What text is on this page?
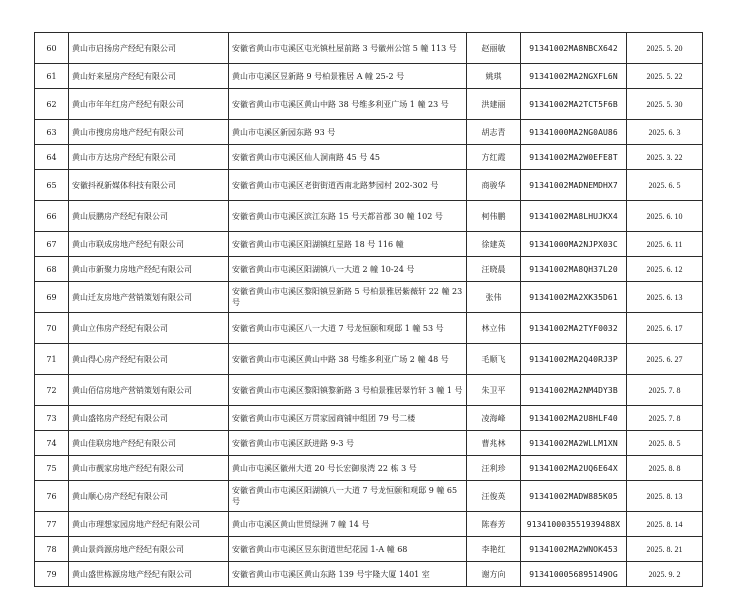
60	黄山市启扬房产经纪有限公司	安徽省黄山市屯溪区屯光镇杜屋前路 3 号徽州公馆 5 幢 113 号	赵丽敏	91341002MA8NBCX642	2025. 5. 20
61	黄山好来屋房产经纪有限公司	黄山市屯溪区昱新路 9 号柏景雅居 A 幢 25-2 号	姚琪	91341002MA2NGXFL6N	2025. 5. 22
62	黄山市年年红房产经纪有限公司	安徽省黄山市屯溪区黄山中路 38 号维多利亚广场 1 幢 23 号	洪建丽	91341002MA2TCT5F6B	2025. 5. 30
63	黄山市搜房房地产经纪有限公司	黄山市屯溪区新园东路 93 号	胡志青	91341000MA2NG0AU86	2025. 6. 3
64	黄山市方达房产经纪有限公司	安徽省黄山市屯溪区仙人洞南路 45 号 45	方红霞	91341002MA2W0EFE8T	2025. 3. 22
65	安徽抖视新媒体科技有限公司	安徽省黄山市屯溪区老街街道西南北路梦园村 202-302 号	商骏华	91341002MADNEMDHX7	2025. 6. 5
66	黄山辰鹏房产经纪有限公司	安徽省黄山市屯溪区滨江东路 15 号天都首郡 30 幢 102 号	柯伟鹏	91341002MA8LHUJKX4	2025. 6. 10
67	黄山市联成房地产经纪有限公司	安徽省黄山市屯溪区阳湖镇红星路 18 号 116 幢	徐建英	91341000MA2NJPX03C	2025. 6. 11
68	黄山市新聚力房地产经纪有限公司	安徽省黄山市屯溪区阳湖镇八一大道 2 幢 10-24 号	汪晓晨	91341002MA8QH37L20	2025. 6. 12
69	黄山迁友房地产营销策划有限公司	安徽省黄山市屯溪区黎阳镇昱新路 5 号柏景雅居紫薇轩 22 幢 23 号	张伟	91341002MA2XK35D61	2025. 6. 13
70	黄山立伟房产经纪有限公司	安徽省黄山市屯溪区八一大道 7 号龙恒颐和观邸 1 幢 53 号	林立伟	91341002MA2TYF0032	2025. 6. 17
71	黄山得心房产经纪有限公司	安徽省黄山市屯溪区黄山中路 38 号维多利亚广场 2 幢 48 号	毛顺飞	91341002MA2Q40RJ3P	2025. 6. 27
72	黄山佰信房地产营销策划有限公司	安徽省黄山市屯溪区黎阳镇黎新路 3 号柏景雅居翠竹轩 3 幢 1 号	朱卫平	91341002MA2NM4DY3B	2025. 7. 8
73	黄山盛铭房产经纪有限公司	安徽省黄山市屯溪区万贯家园商铺中组团 79 号二楼	凌海峰	91341002MA2U8HLF40	2025. 7. 8
74	黄山佳联房地产经纪有限公司	安徽省黄山市屯溪区跃进路 9-3 号	曹兆林	91341002MA2WLLM1XN	2025. 8. 5
75	黄山市靓家房地产经纪有限公司	黄山市屯溪区徽州大道 20 号长宏御泉湾 22 栋 3 号	汪利珍	91341002MA2UQ6E64X	2025. 8. 8
76	黄山顺心房产经纪有限公司	安徽省黄山市屯溪区阳湖镇八一大道 7 号龙恒颐和观邸 9 幢 65 号	汪俊英	91341002MADW885K05	2025. 8. 13
77	黄山市理想家园房地产经纪有限公司	黄山市屯溪区黄山世贸绿洲 7 幢 14 号	陈春芳	913410003551939488X	2025. 8. 14
78	黄山景尚源房地产经纪有限公司	安徽省黄山市屯溪区昱东街道世纪花园 1-A 幢 68	李艳红	91341002MA2WNOK453	2025. 8. 21
79	黄山盛世栋源房地产经纪有限公司	安徽省黄山市屯溪区黄山东路 139 号宇隆大厦 1401 室	谢方向	9134100056895149OG	2025. 9. 2
